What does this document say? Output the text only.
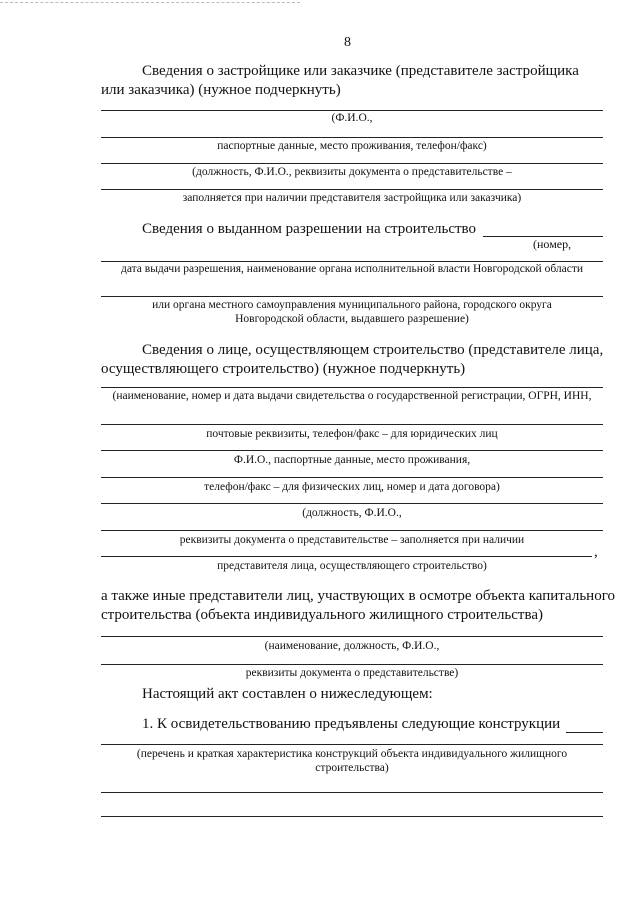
8
Сведения о застройщике или заказчике (представителе застройщика
или заказчика) (нужное подчеркнуть)
(Ф.И.О.,
паспортные данные, место проживания, телефон/факс)
(должность, Ф.И.О., реквизиты документа о представительстве –
заполняется при наличии представителя застройщика или заказчика)
Сведения о выданном разрешении на строительство
(номер,
дата выдачи разрешения, наименование органа исполнительной власти Новгородской области
или органа местного самоуправления муниципального района, городского округа
Новгородской области, выдавшего разрешение)
Сведения о лице, осуществляющем строительство (представителе лица,
осуществляющего строительство) (нужное подчеркнуть)
(наименование, номер и дата выдачи свидетельства о государственной регистрации, ОГРН, ИНН,
почтовые реквизиты, телефон/факс – для юридических лиц
Ф.И.О., паспортные данные, место проживания,
телефон/факс – для физических лиц, номер и дата договора)
(должность, Ф.И.О.,
реквизиты документа о представительстве – заполняется при наличии
,
представителя лица, осуществляющего строительство)
а также иные представители лиц, участвующих в осмотре объекта капитального
строительства (объекта индивидуального жилищного строительства)
(наименование, должность, Ф.И.О.,
реквизиты документа о представительстве)
Настоящий акт составлен о нижеследующем:
1. К освидетельствованию предъявлены следующие конструкции
(перечень и краткая характеристика конструкций объекта индивидуального жилищного
строительства)
